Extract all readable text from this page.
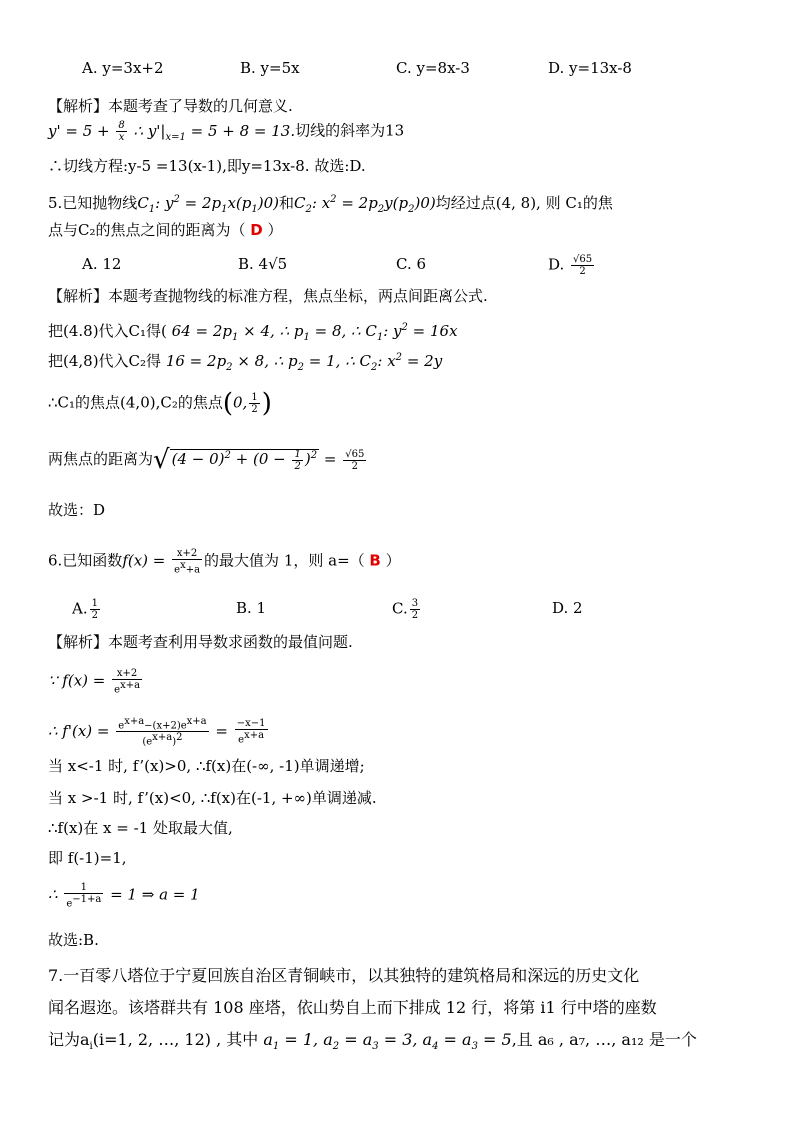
A. y=3x+2	B. y=5x	C. y=8x-3	D. y=13x-8
【解析】本题考查了导数的几何意义.
$y' = 5 + \frac{8}{x}$ ∴ $y'|_{x=1} = 5 + 8 = 13$.切线的斜率为13
∴切线方程:y-5 =13(x-1),即y=13x-8. 故选:D.
5.已知抛物线$C_1$: $y^2 = 2p_1x(p_1)0$)和$C_2$: $x^2 = 2p_2y(p_2)0$)均经过点(4, 8), 则 C₁的焦
点与C₂的焦点之间的距离为（ D ）
A. 12	B. 4√5	C. 6	D. $\frac{√65}{2}$
【解析】本题考查抛物线的标准方程，焦点坐标，两点间距离公式.
把(4.8)代入C₁得( $64 = 2p_1 \times 4$, ∴ $p_1 = 8$, ∴ $C_1$: $y^2 = 16x$
把(4,8)代入C₂得 $16 = 2p_2 \times 8$, ∴ $p_2 = 1$, ∴ $C_2$: $x^2 = 2y$
∴C₁的焦点(4,0),C₂的焦点(0, $\frac{1}{2}$ )
两焦点的距离为√ $(4 - 0)^2 + (0 - \frac{1}{2} )^2 = \frac{√65}{2}$
故选：D
6.已知函数$f(x) = \frac{x+2}{e^x+a}$ 的最大值为 1，则 a=（ B ）
A. $\frac{1}{2}$	B. 1	C. $\frac{3}{2}$	D. 2
【解析】本题考查利用导数求函数的最值问题.
∵ $f(x) = \frac{x+2}{e^{x+a}}$
∴ $f'(x) = \frac{e^{x+a}-(x+2)e^{x+a}}{(e^{x+a})^2} = \frac{-x-1}{e^{x+a}}$
当 x<-1 时, f’(x)>0, ∴f(x)在(-∞, -1)单调递增;
当 x >-1 时, f’(x)<0, ∴f(x)在(-1, +∞)单调递减.
∴f(x)在 x = -1 处取最大值,
即 f(-1)=1,
∴ $\frac{1}{e^{-1+a}} = 1$ ⇒ a = 1
故选:B.
7.一百零八塔位于宁夏回族自治区青铜峡市，以其独特的建筑格局和深远的历史文化
闻名遐迩。该塔群共有 108 座塔，依山势自上而下排成 12 行，将第 i1 行中塔的座数
记为$a_i(i=1$, 2, …, 12) , 其中 $a_1 = 1$, $a_2 = a_3 = 3$, $a_4 = a_3 = 5$,且 a₆ , a₇, …, a₁₂ 是一个
